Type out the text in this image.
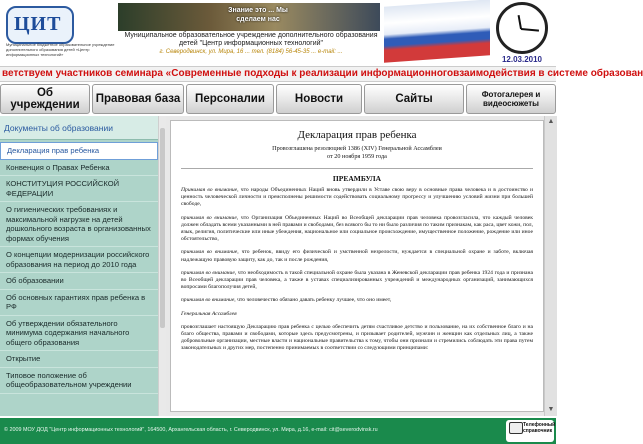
ЦИТ
Муниципальное бюджетное образовательное учреждение дополнительного образования детей «Центр информационных технологий»
Знание это ... Мы сделаем нас
Муниципальное образовательное учреждение дополнительного образования детей "Центр информационных технологий"
г. Северодвинск, ул. Мира, 16 ... тел. (8184) 56-45-35 ... e-mail: ...
12.03.2010
ветствуем участников семинара «Современные подходы к реализации информационноговзаимодействия в системе образован
Об учреждении	Правовая база	Персоналии	Новости	Сайты	Фотогалерея и видеосюжеты
Документы об образовании
Декларация прав ребенка
Конвенция о Правах Ребенка
КОНСТИТУЦИЯ РОССИЙСКОЙ ФЕДЕРАЦИИ
О гигиенических требованиях и максимальной нагрузке на детей дошкольного возраста в организованных формах обучения
О концепции модернизации российского образования на период до 2010 года
Об образовании
Об основных гарантиях прав ребенка в РФ
Об утверждении обязательного минимума содержания начального общего образования
Открытие
Типовое положение об общеобразовательном учреждении
Декларация прав ребенка
Провозглашена резолюцией 1386 (XIV) Генеральной Ассамблеи
от 20 ноября 1959 года
ПРЕАМБУЛА

Принимая во внимание, что народы Объединенных Наций вновь утвердили в Уставе свою веру в основные права человека и в достоинство и ценность человеческой личности и преисполнены решимости содействовать социальному прогрессу и улучшению условий жизни при большей свободе,

принимая во внимание, что Организация Объединенных Наций во Всеобщей декларации прав человека провозгласила, что каждый человек должен обладать всеми указанными в ней правами и свободами, без всякого бы то ни было различия по таким признакам, как раса, цвет кожи, пол, язык, религия, политические или иные убеждения, национальное или социальное происхождение, имущественное положение, рождение или иное обстоятельство,

принимая во внимание, что ребенок, ввиду его физической и умственной незрелости, нуждается в специальной охране и заботе, включая надлежащую правовую защиту, как до, так и после рождения,

принимая во внимание, что необходимость в такой специальной охране была указана в Женевской декларации прав ребенка 1924 года и признана во Всеобщей декларации прав человека, а также в уставах специализированных учреждений и международных организаций, занимающихся вопросами благополучия детей,

принимая во внимание, что человечество обязано давать ребенку лучшее, что оно имеет,

Генеральная Ассамблея

провозглашает настоящую Декларацию прав ребенка с целью обеспечить детям счастливое детство и пользование, на их собственное благо и на благо общества, правами и свободами, которые здесь предусмотрены, и призывает родителей, мужчин и женщин как отдельных лиц, а также добровольные организации, местные власти и национальные правительства к тому, чтобы они признали и стремились соблюдать эти права путем законодательных и других мер, постепенно принимаемых в соответствии со следующими принципами:

▲
▼
© 2009 МОУ ДОД "Центр информационных технологий", 164500, Архангельская область, г. Северодвинск, ул. Мира, д.16, e-mail: cit@severodvinsk.ru
Телефонный справочник
